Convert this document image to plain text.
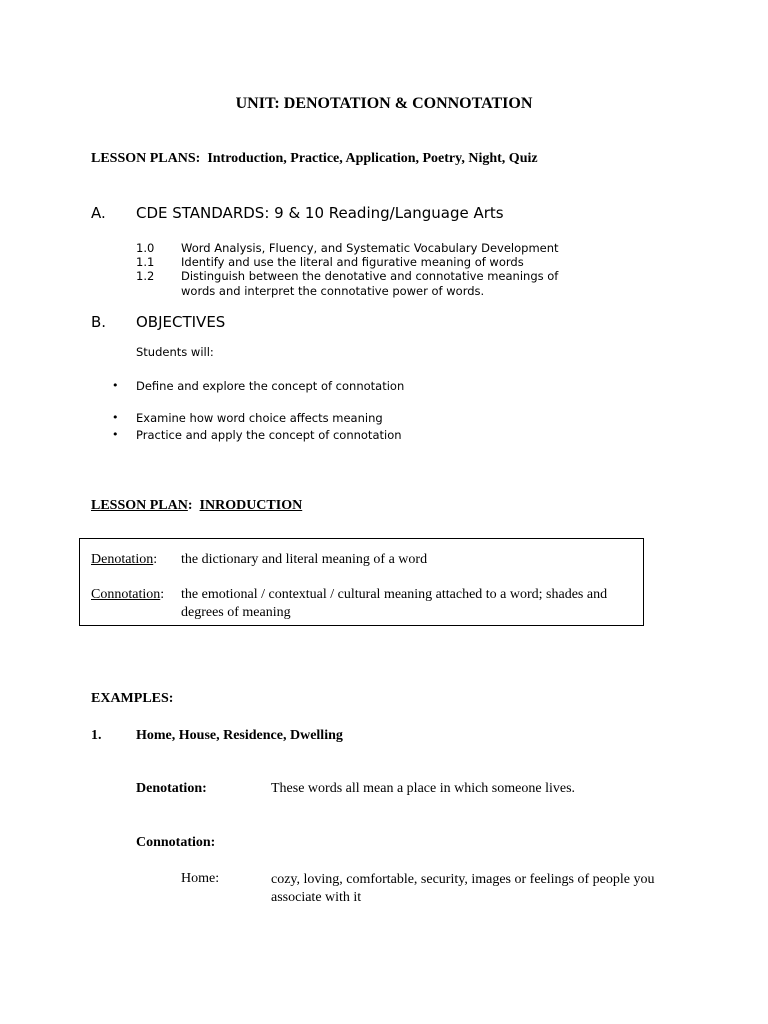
UNIT: DENOTATION & CONNOTATION
LESSON PLANS: Introduction, Practice, Application, Poetry, Night, Quiz
A. CDE STANDARDS: 9 & 10 Reading/Language Arts
1.0 Word Analysis, Fluency, and Systematic Vocabulary Development
1.1 Identify and use the literal and figurative meaning of words
1.2 Distinguish between the denotative and connotative meanings of
words and interpret the connotative power of words.
B. OBJECTIVES
Students will:
• Define and explore the concept of connotation
• Examine how word choice affects meaning
• Practice and apply the concept of connotation
LESSON PLAN:  INRODUCTION
Denotation: the dictionary and literal meaning of a word
Connotation: the emotional / contextual / cultural meaning attached to a word; shades and
degrees of meaning
EXAMPLES:
1. Home, House, Residence, Dwelling
Denotation:	These words all mean a place in which someone lives.
Connotation:
Home:	cozy, loving, comfortable, security, images or feelings of people you associate with it
